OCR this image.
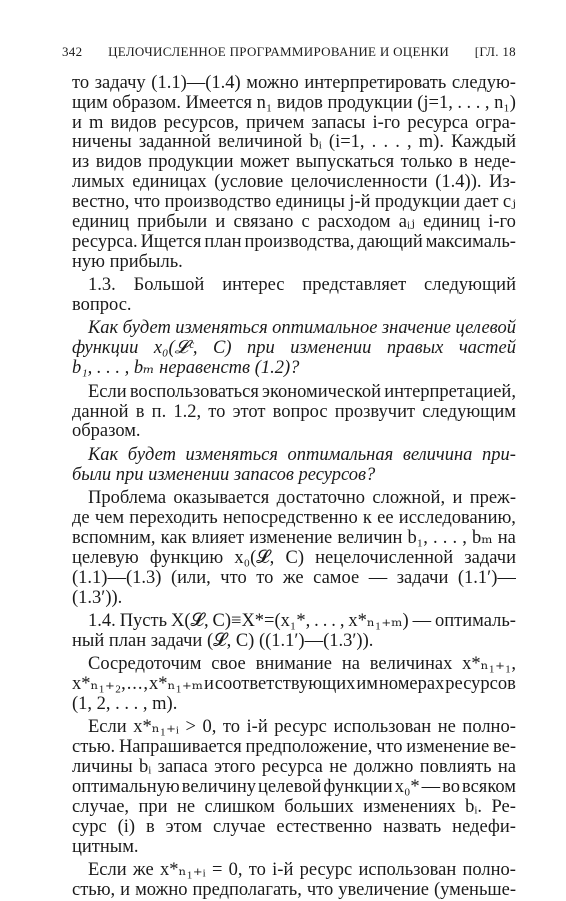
342 ЦЕЛОЧИСЛЕННОЕ ПРОГРАММИРОВАНИЕ И ОЦЕНКИ [ГЛ. 18
то задачу (1.1)—(1.4) можно интерпретировать следую-
щим образом. Имеется n₁ видов продукции (j=1, . . . , n₁)
и m видов ресурсов, причем запасы i-го ресурса огра-
ничены заданной величиной bᵢ (i=1, . . . , m). Каждый
из видов продукции может выпускаться только в неде-
лимых единицах (условие целочисленности (1.4)). Из-
вестно, что производство единицы j-й продукции дает cⱼ
единиц прибыли и связано с расходом aᵢⱼ единиц i-го
ресурса. Ищется план производства, дающий максималь-
ную прибыль.
1.3. Большой интерес представляет следующий
вопрос.
Как будет изменяться оптимальное значение целевой
функции x₀(𝓛ᶜ, C) при изменении правых частей
b₁, . . . , bₘ неравенств (1.2)?
Если воспользоваться экономической интерпретацией,
данной в п. 1.2, то этот вопрос прозвучит следующим
образом.
Как будет изменяться оптимальная величина при-
были при изменении запасов ресурсов?
Проблема оказывается достаточно сложной, и преж-
де чем переходить непосредственно к ее исследованию,
вспомним, как влияет изменение величин b₁, . . . , bₘ на
целевую функцию x₀(𝓛, C) нецелочисленной задачи
(1.1)—(1.3) (или, что то же самое — задачи (1.1′)—
(1.3′)).
1.4. Пусть X(𝓛, C)≡X*=(x₁*, . . . , x*ₙ₁₊ₘ) — оптималь-
ный план задачи (𝓛, C) ((1.1′)—(1.3′)).
Сосредоточим свое внимание на величинах x*ₙ₁₊₁,
x*ₙ₁₊₂, . . . , x*ₙ₁₊ₘ и соответствующих им номерах ресурсов
(1, 2, . . . , m).
Если x*ₙ₁₊ᵢ > 0, то i-й ресурс использован не полно-
стью. Напрашивается предположение, что изменение ве-
личины bᵢ запаса этого ресурса не должно повлиять на
оптимальную величину целевой функции x₀* — во всяком
случае, при не слишком больших изменениях bᵢ. Ре-
сурс (i) в этом случае естественно назвать недефи-
цитным.
Если же x*ₙ₁₊ᵢ = 0, то i-й ресурс использован полно-
стью, и можно предполагать, что увеличение (уменьше-
